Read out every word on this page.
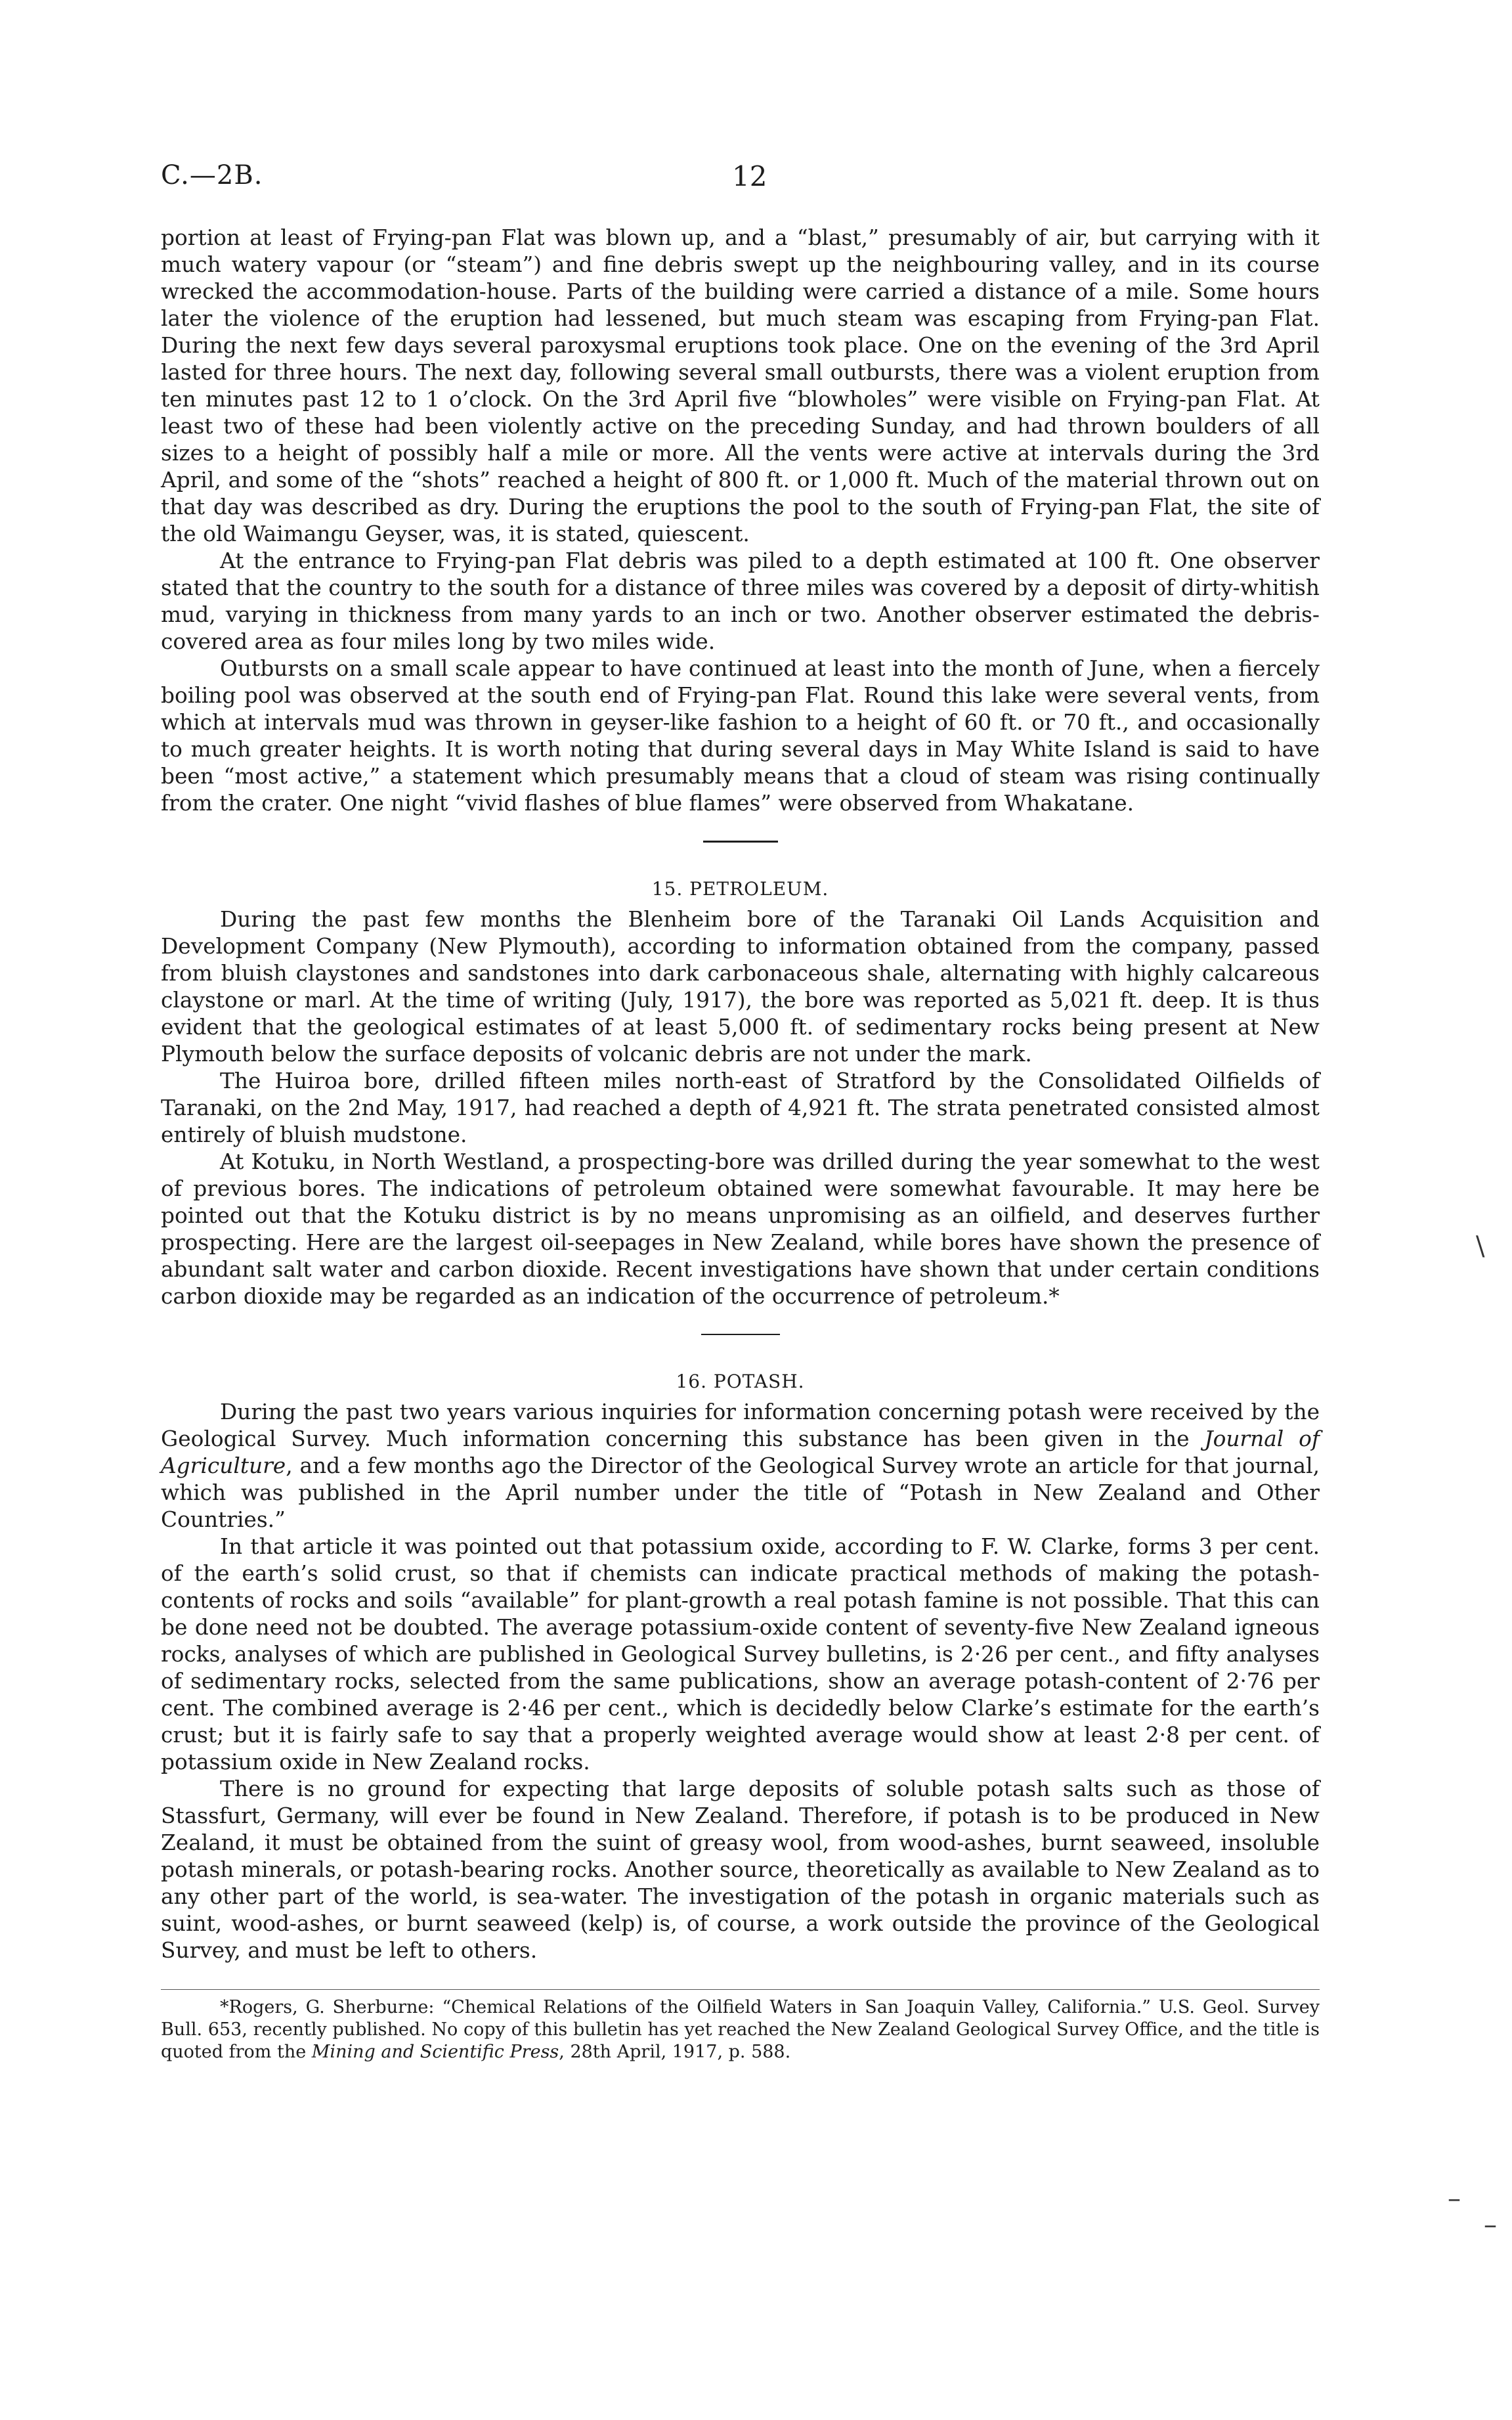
C.—2B.	12

portion at least of Frying-pan Flat was blown up, and a “blast,” presumably of air, but carrying with it much watery vapour (or “steam”) and fine debris swept up the neighbouring valley, and in its course wrecked the accommodation-house. Parts of the building were carried a distance of a mile. Some hours later the violence of the eruption had lessened, but much steam was escaping from Frying-pan Flat. During the next few days several paroxysmal eruptions took place. One on the evening of the 3rd April lasted for three hours. The next day, following several small outbursts, there was a violent eruption from ten minutes past 12 to 1 o’clock. On the 3rd April five “blowholes” were visible on Frying-pan Flat. At least two of these had been violently active on the preceding Sunday, and had thrown boulders of all sizes to a height of possibly half a mile or more. All the vents were active at intervals during the 3rd April, and some of the “shots” reached a height of 800 ft. or 1,000 ft. Much of the material thrown out on that day was described as dry. During the eruptions the pool to the south of Frying-pan Flat, the site of the old Waimangu Geyser, was, it is stated, quiescent.

At the entrance to Frying-pan Flat debris was piled to a depth estimated at 100 ft. One observer stated that the country to the south for a distance of three miles was covered by a deposit of dirty-whitish mud, varying in thickness from many yards to an inch or two. Another observer estimated the debris-covered area as four miles long by two miles wide.

Outbursts on a small scale appear to have continued at least into the month of June, when a fiercely boiling pool was observed at the south end of Frying-pan Flat. Round this lake were several vents, from which at intervals mud was thrown in geyser-like fashion to a height of 60 ft. or 70 ft., and occasionally to much greater heights. It is worth noting that during several days in May White Island is said to have been “most active,” a statement which presumably means that a cloud of steam was rising continually from the crater. One night “vivid flashes of blue flames” were observed from Whakatane.

15. PETROLEUM.

During the past few months the Blenheim bore of the Taranaki Oil Lands Acquisition and Development Company (New Plymouth), according to information obtained from the company, passed from bluish claystones and sandstones into dark carbonaceous shale, alternating with highly calcareous claystone or marl. At the time of writing (July, 1917), the bore was reported as 5,021 ft. deep. It is thus evident that the geological estimates of at least 5,000 ft. of sedimentary rocks being present at New Plymouth below the surface deposits of volcanic debris are not under the mark.

The Huiroa bore, drilled fifteen miles north-east of Stratford by the Consolidated Oilfields of Taranaki, on the 2nd May, 1917, had reached a depth of 4,921 ft. The strata penetrated consisted almost entirely of bluish mudstone.

At Kotuku, in North Westland, a prospecting-bore was drilled during the year somewhat to the west of previous bores. The indications of petroleum obtained were somewhat favourable. It may here be pointed out that the Kotuku district is by no means unpromising as an oilfield, and deserves further prospecting. Here are the largest oil-seepages in New Zealand, while bores have shown the presence of abundant salt water and carbon dioxide. Recent investigations have shown that under certain conditions carbon dioxide may be regarded as an indication of the occurrence of petroleum.*

16. POTASH.

During the past two years various inquiries for information concerning potash were received by the Geological Survey. Much information concerning this substance has been given in the Journal of Agriculture, and a few months ago the Director of the Geological Survey wrote an article for that journal, which was published in the April number under the title of “Potash in New Zealand and Other Countries.”

In that article it was pointed out that potassium oxide, according to F. W. Clarke, forms 3 per cent. of the earth’s solid crust, so that if chemists can indicate practical methods of making the potash-contents of rocks and soils “available” for plant-growth a real potash famine is not possible. That this can be done need not be doubted. The average potassium-oxide content of seventy-five New Zealand igneous rocks, analyses of which are published in Geological Survey bulletins, is 2·26 per cent., and fifty analyses of sedimentary rocks, selected from the same publications, show an average potash-content of 2·76 per cent. The combined average is 2·46 per cent., which is decidedly below Clarke’s estimate for the earth’s crust; but it is fairly safe to say that a properly weighted average would show at least 2·8 per cent. of potassium oxide in New Zealand rocks.

There is no ground for expecting that large deposits of soluble potash salts such as those of Stassfurt, Germany, will ever be found in New Zealand. Therefore, if potash is to be produced in New Zealand, it must be obtained from the suint of greasy wool, from wood-ashes, burnt seaweed, insoluble potash minerals, or potash-bearing rocks. Another source, theoretically as available to New Zealand as to any other part of the world, is sea-water. The investigation of the potash in organic materials such as suint, wood-ashes, or burnt seaweed (kelp) is, of course, a work outside the province of the Geological Survey, and must be left to others.

*Rogers, G. Sherburne: “Chemical Relations of the Oilfield Waters in San Joaquin Valley, California.” U.S. Geol. Survey Bull. 653, recently published. No copy of this bulletin has yet reached the New Zealand Geological Survey Office, and the title is quoted from the Mining and Scientific Press, 28th April, 1917, p. 588.

\
–
–
